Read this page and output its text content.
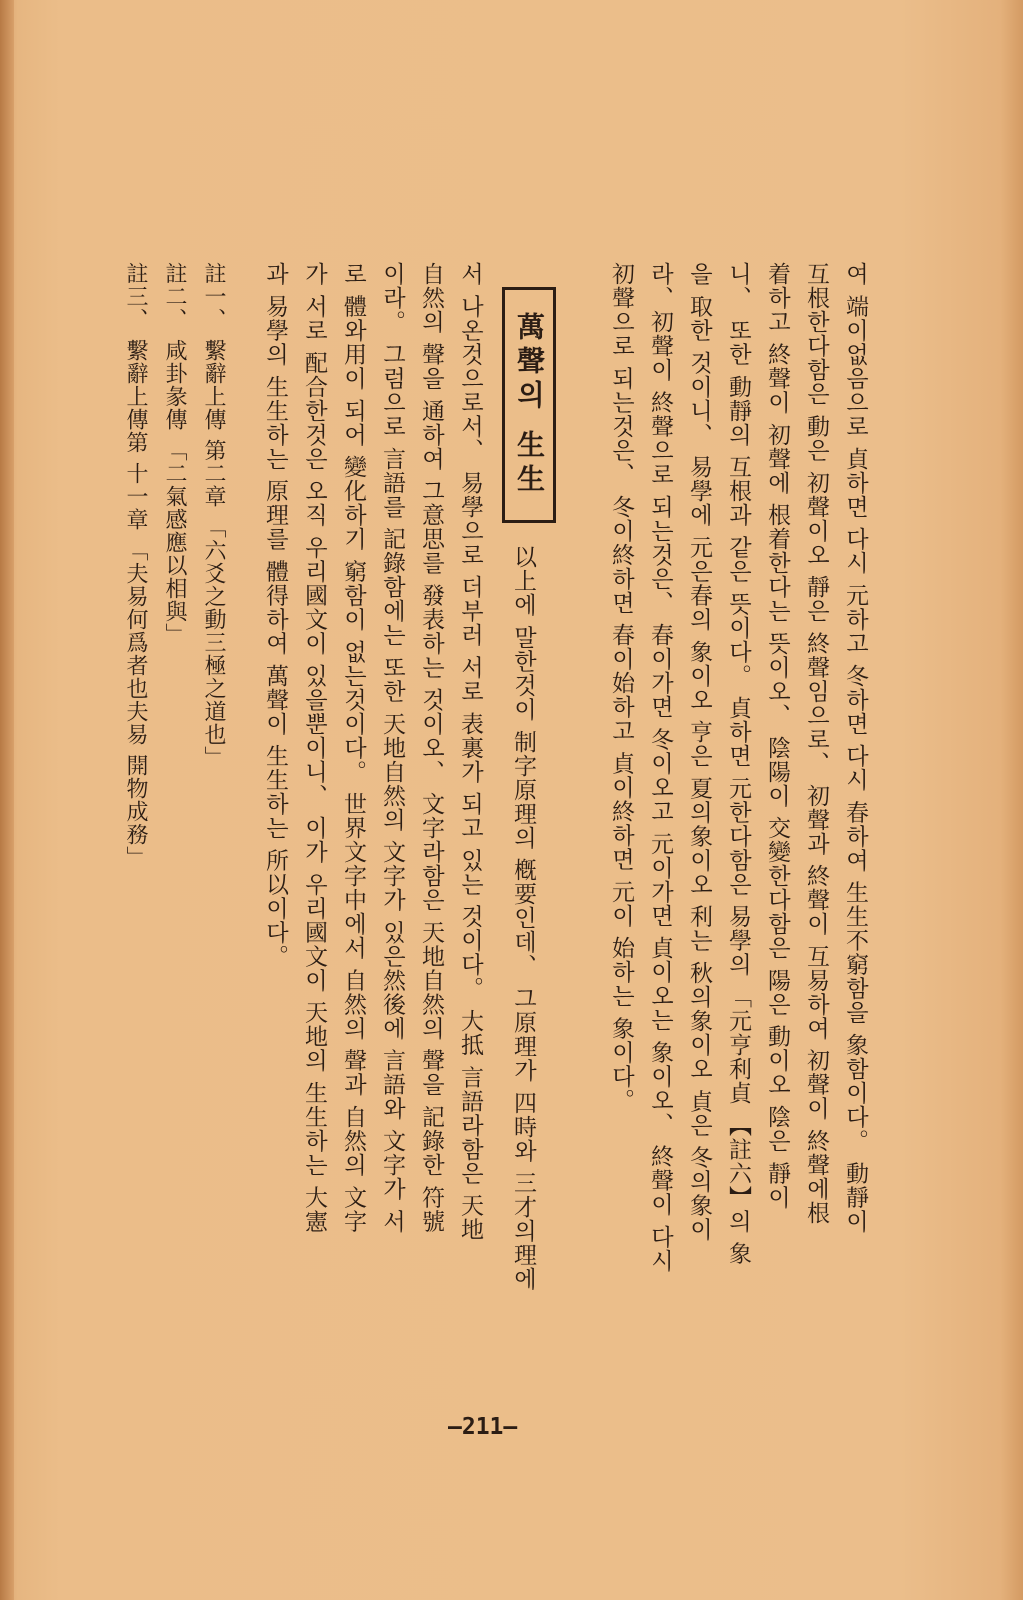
여 端이없음으로 貞하면 다시 元하고 冬하면 다시 春하여 生生不窮함을 象함이다。 動靜이
互根한다함은 動은 初聲이오 靜은 終聲임으로、 初聲과 終聲이 互易하여 初聲이 終聲에根
着하고 終聲이 初聲에 根着한다는 뜻이오、 陰陽이 交變한다함은 陽은 動이오 陰은 靜이
니、 또한 動靜의 互根과 같은 뜻이다。 貞하면 元한다함은 易學의 「元亨利貞 【註六】의 象
을 取한 것이니、 易學에 元은春의 象이오 亨은 夏의象이오 利는 秋의象이오 貞은 冬의象이
라、初聲이 終聲으로 되는것은、 春이가면 冬이오고 元이가면 貞이오는 象이오、 終聲이 다시
初聲으로 되는것은、 冬이終하면 春이始하고 貞이終하면 元이 始하는 象이다。
萬聲의 生生
以上에 말한것이 制字原理의 槪要인데、 그原理가 四時와 三才의理에
서 나온것으로서、 易學으로 더부러 서로 表裏가 되고 있는 것이다。 大抵 言語라함은 天地
自然의 聲을 通하여 그意思를 發表하는 것이오、 文字라함은 天地自然의 聲을 記錄한 符號
이라。 그럼으로 言語를 記錄함에는 또한 天地自然의 文字가 있은然後에 言語와 文字가 서
로 體와用이 되어 變化하기 窮함이 없는것이다。 世界文字中에서 自然의 聲과 自然의 文字
가 서로 配合한것은 오직 우리國文이 있을뿐이니、 이가 우리國文이 天地의 生生하는 大憲
과 易學의 生生하는 原理를 體得하여 萬聲이 生生하는 所以이다。
註一、 繫辭上傳 第二章 「六爻之動三極之道也」
註二、 咸卦彖傳 「二氣感應以相與」
註三、 繫辭上傳第 十一章 「夫易何爲者也夫易 開物成務」
—211—
